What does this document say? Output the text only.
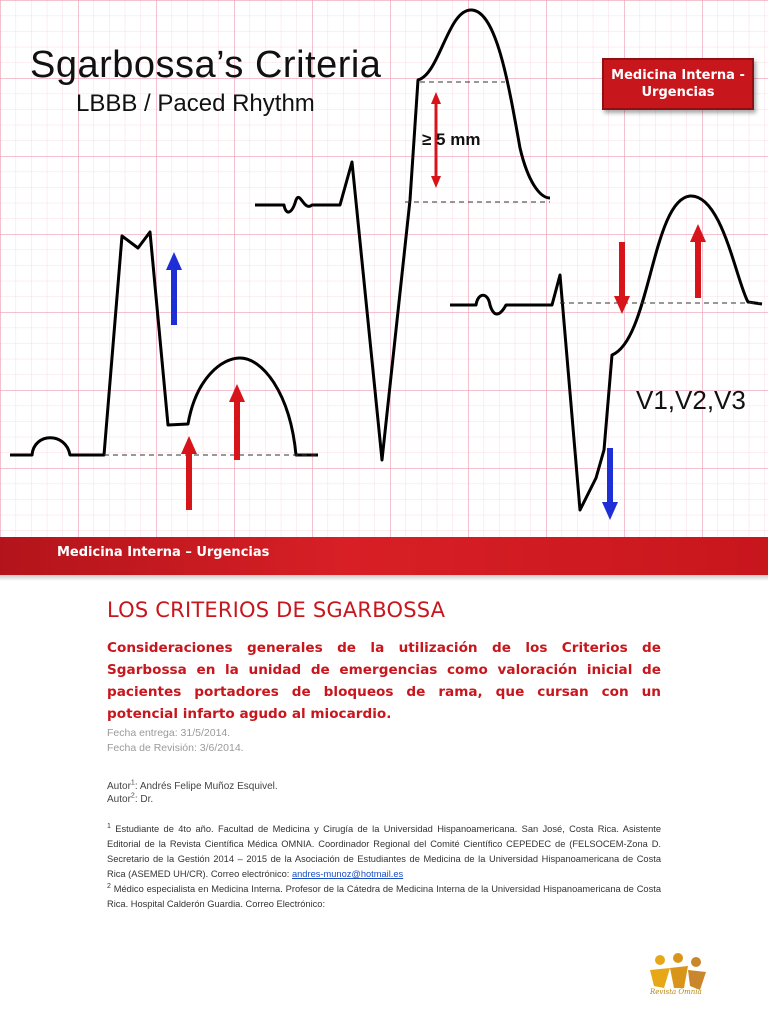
Sgarbossa’s Criteria
LBBB / Paced Rhythm
Medicina Interna -
Urgencias
≥ 5 mm
V1,V2,V3
Medicina Interna – Urgencias
LOS CRITERIOS DE SGARBOSSA
Consideraciones generales de la utilización de los Criterios de Sgarbossa en la unidad de emergencias como valoración inicial de pacientes portadores de bloqueos de rama, que cursan con un potencial infarto agudo al miocardio.
Fecha entrega: 31/5/2014.
Fecha de Revisión: 3/6/2014.
Autor$^1$: Andrés Felipe Muñoz Esquivel.
Autor$^2$: Dr.
$^1$ Estudiante de 4to año. Facultad de Medicina y Cirugía de la Universidad Hispanoamericana. San José, Costa Rica. Asistente Editorial de la Revista Científica Médica OMNIA. Coordinador Regional del Comité Científico CEPEDEC de (FELSOCEM-Zona D. Secretario de la Gestión 2014 – 2015 de la Asociación de Estudiantes de Medicina de la Universidad Hispanoamericana de Costa Rica (ASEMED UH/CR). Correo electrónico: andres-munoz@hotmail.es
$^2$ Médico especialista en Medicina Interna. Profesor de la Cátedra de Medicina Interna de la Universidad Hispanoamericana de Costa Rica. Hospital Calderón Guardia. Correo Electrónico:
Revista Omnia
